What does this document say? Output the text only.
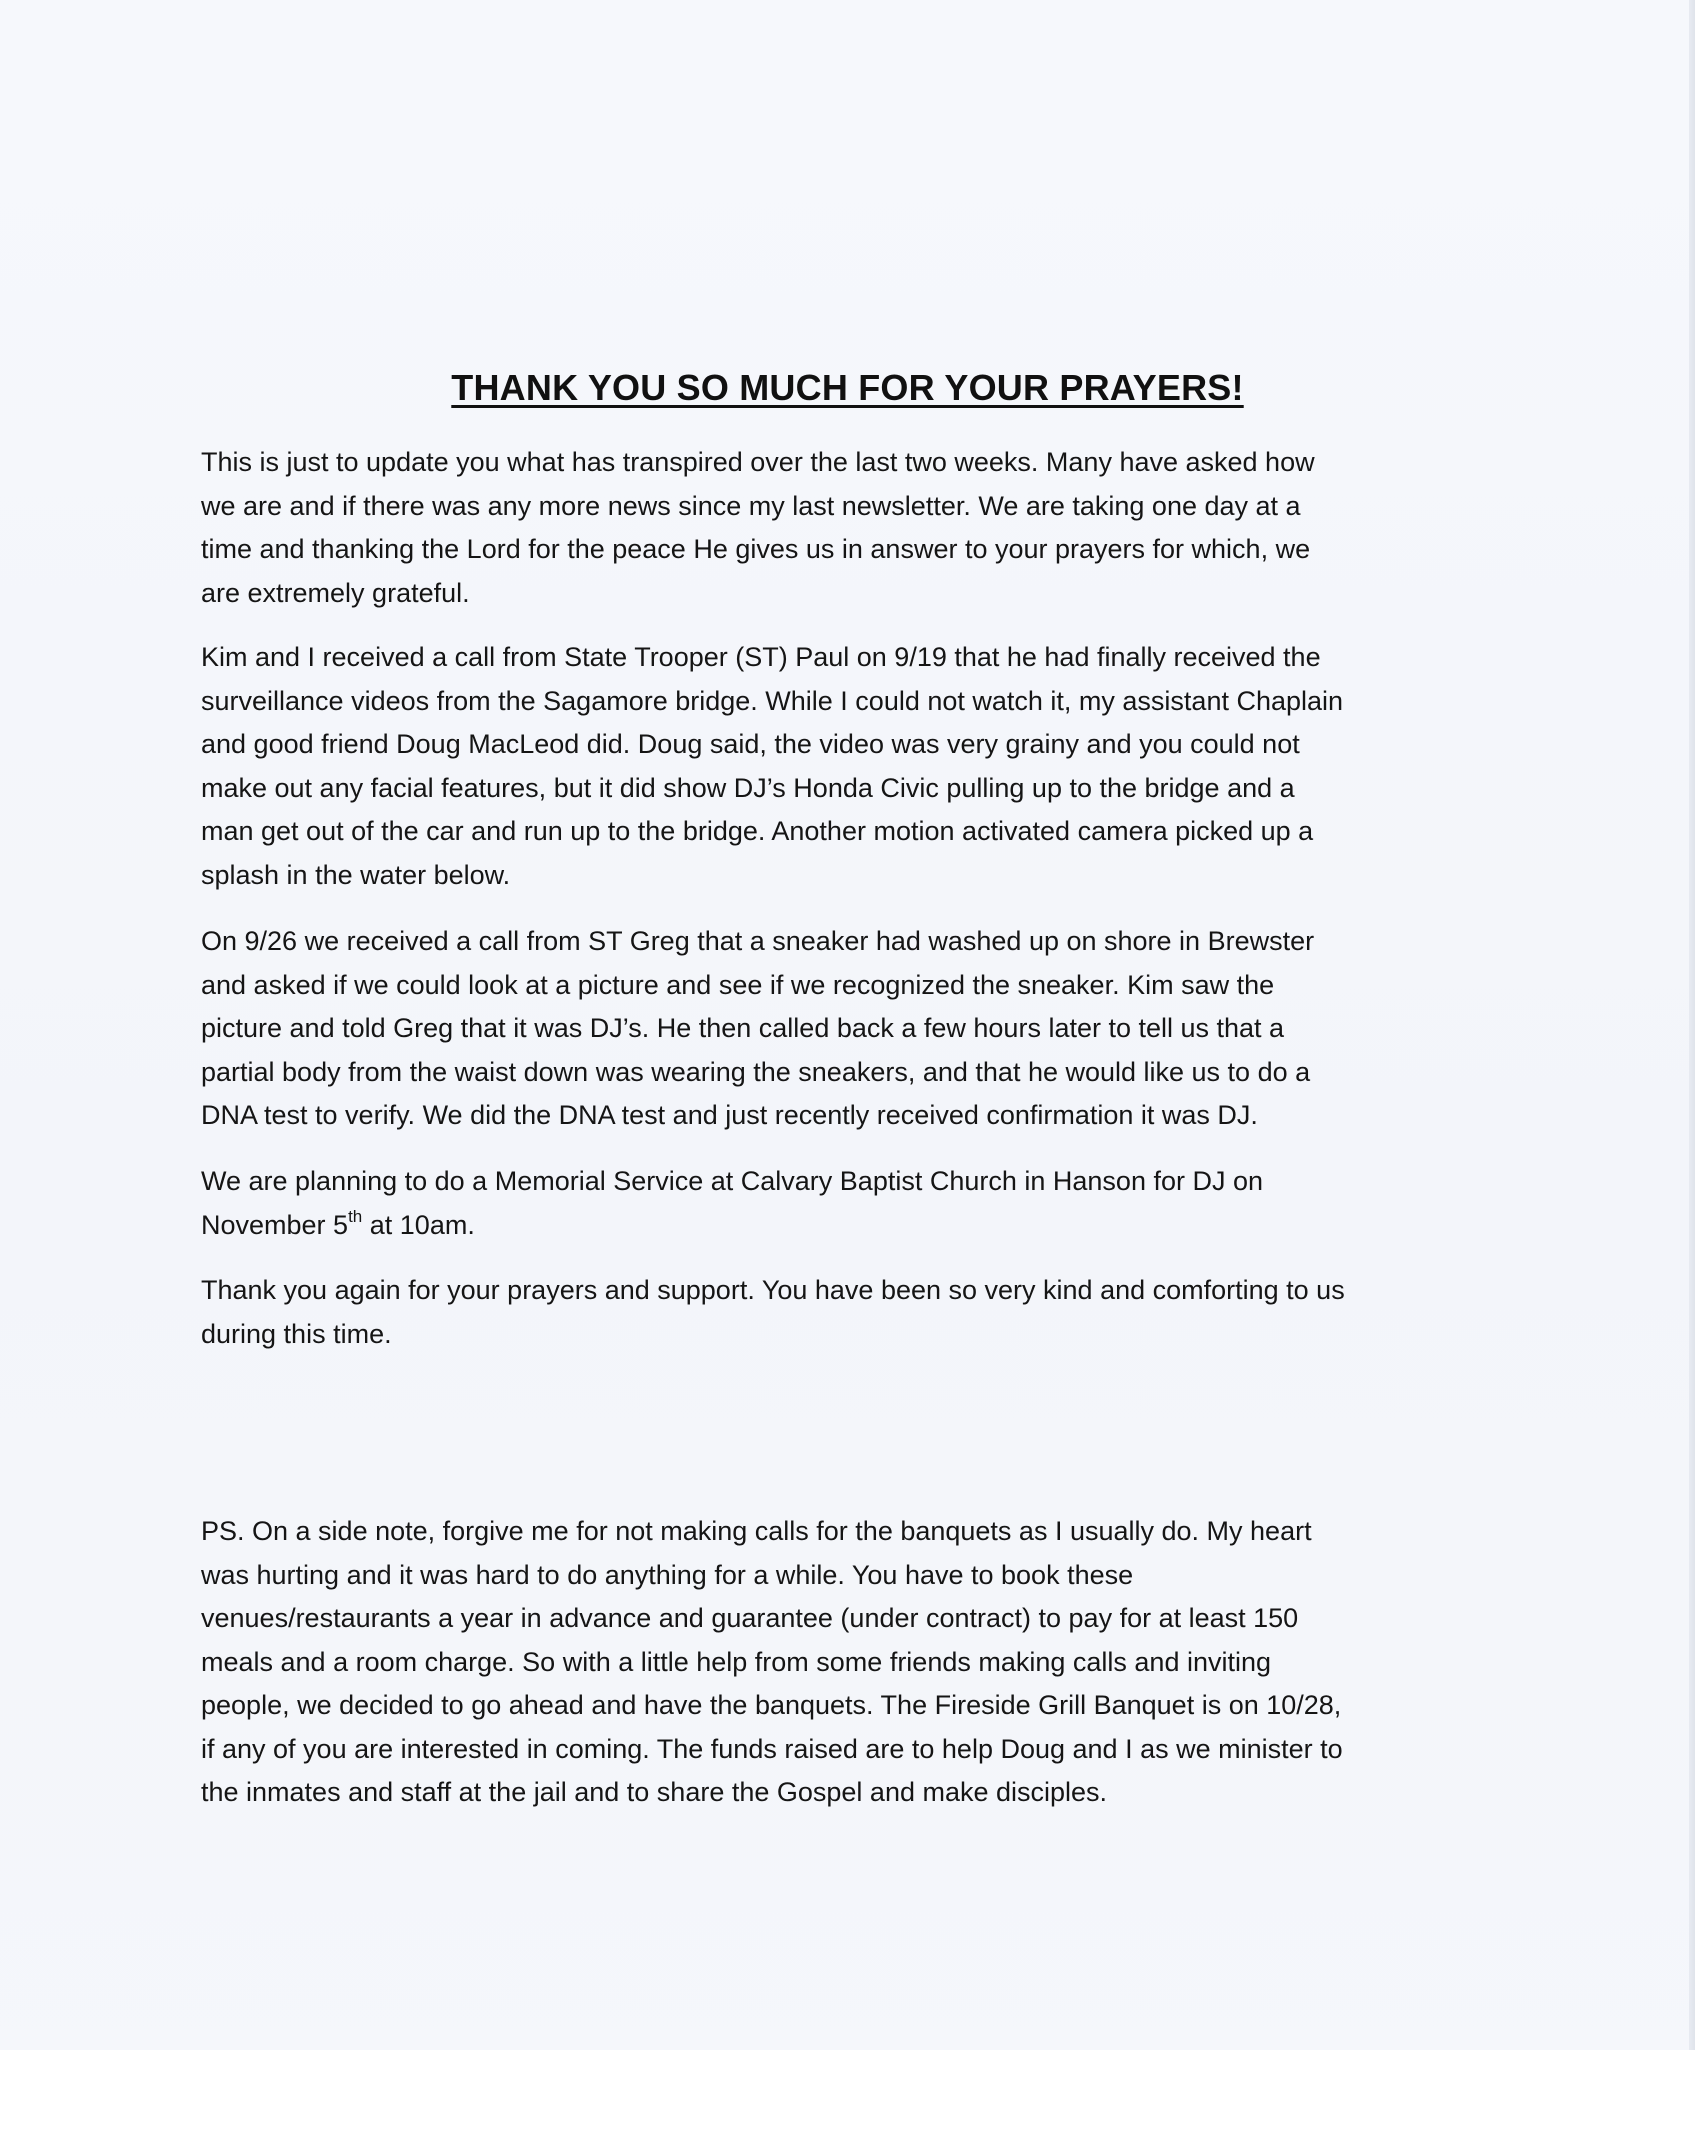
THANK YOU SO MUCH FOR YOUR PRAYERS!

This is just to update you what has transpired over the last two weeks. Many have asked how
we are and if there was any more news since my last newsletter. We are taking one day at a
time and thanking the Lord for the peace He gives us in answer to your prayers for which, we
are extremely grateful.

Kim and I received a call from State Trooper (ST) Paul on 9/19 that he had finally received the
surveillance videos from the Sagamore bridge. While I could not watch it, my assistant Chaplain
and good friend Doug MacLeod did. Doug said, the video was very grainy and you could not
make out any facial features, but it did show DJ’s Honda Civic pulling up to the bridge and a
man get out of the car and run up to the bridge. Another motion activated camera picked up a
splash in the water below.

On 9/26 we received a call from ST Greg that a sneaker had washed up on shore in Brewster
and asked if we could look at a picture and see if we recognized the sneaker. Kim saw the
picture and told Greg that it was DJ’s. He then called back a few hours later to tell us that a
partial body from the waist down was wearing the sneakers, and that he would like us to do a
DNA test to verify. We did the DNA test and just recently received confirmation it was DJ.

We are planning to do a Memorial Service at Calvary Baptist Church in Hanson for DJ on
November 5th at 10am.

Thank you again for your prayers and support. You have been so very kind and comforting to us
during this time.

PS. On a side note, forgive me for not making calls for the banquets as I usually do. My heart
was hurting and it was hard to do anything for a while. You have to book these
venues/restaurants a year in advance and guarantee (under contract) to pay for at least 150
meals and a room charge. So with a little help from some friends making calls and inviting
people, we decided to go ahead and have the banquets. The Fireside Grill Banquet is on 10/28,
if any of you are interested in coming. The funds raised are to help Doug and I as we minister to
the inmates and staff at the jail and to share the Gospel and make disciples.
